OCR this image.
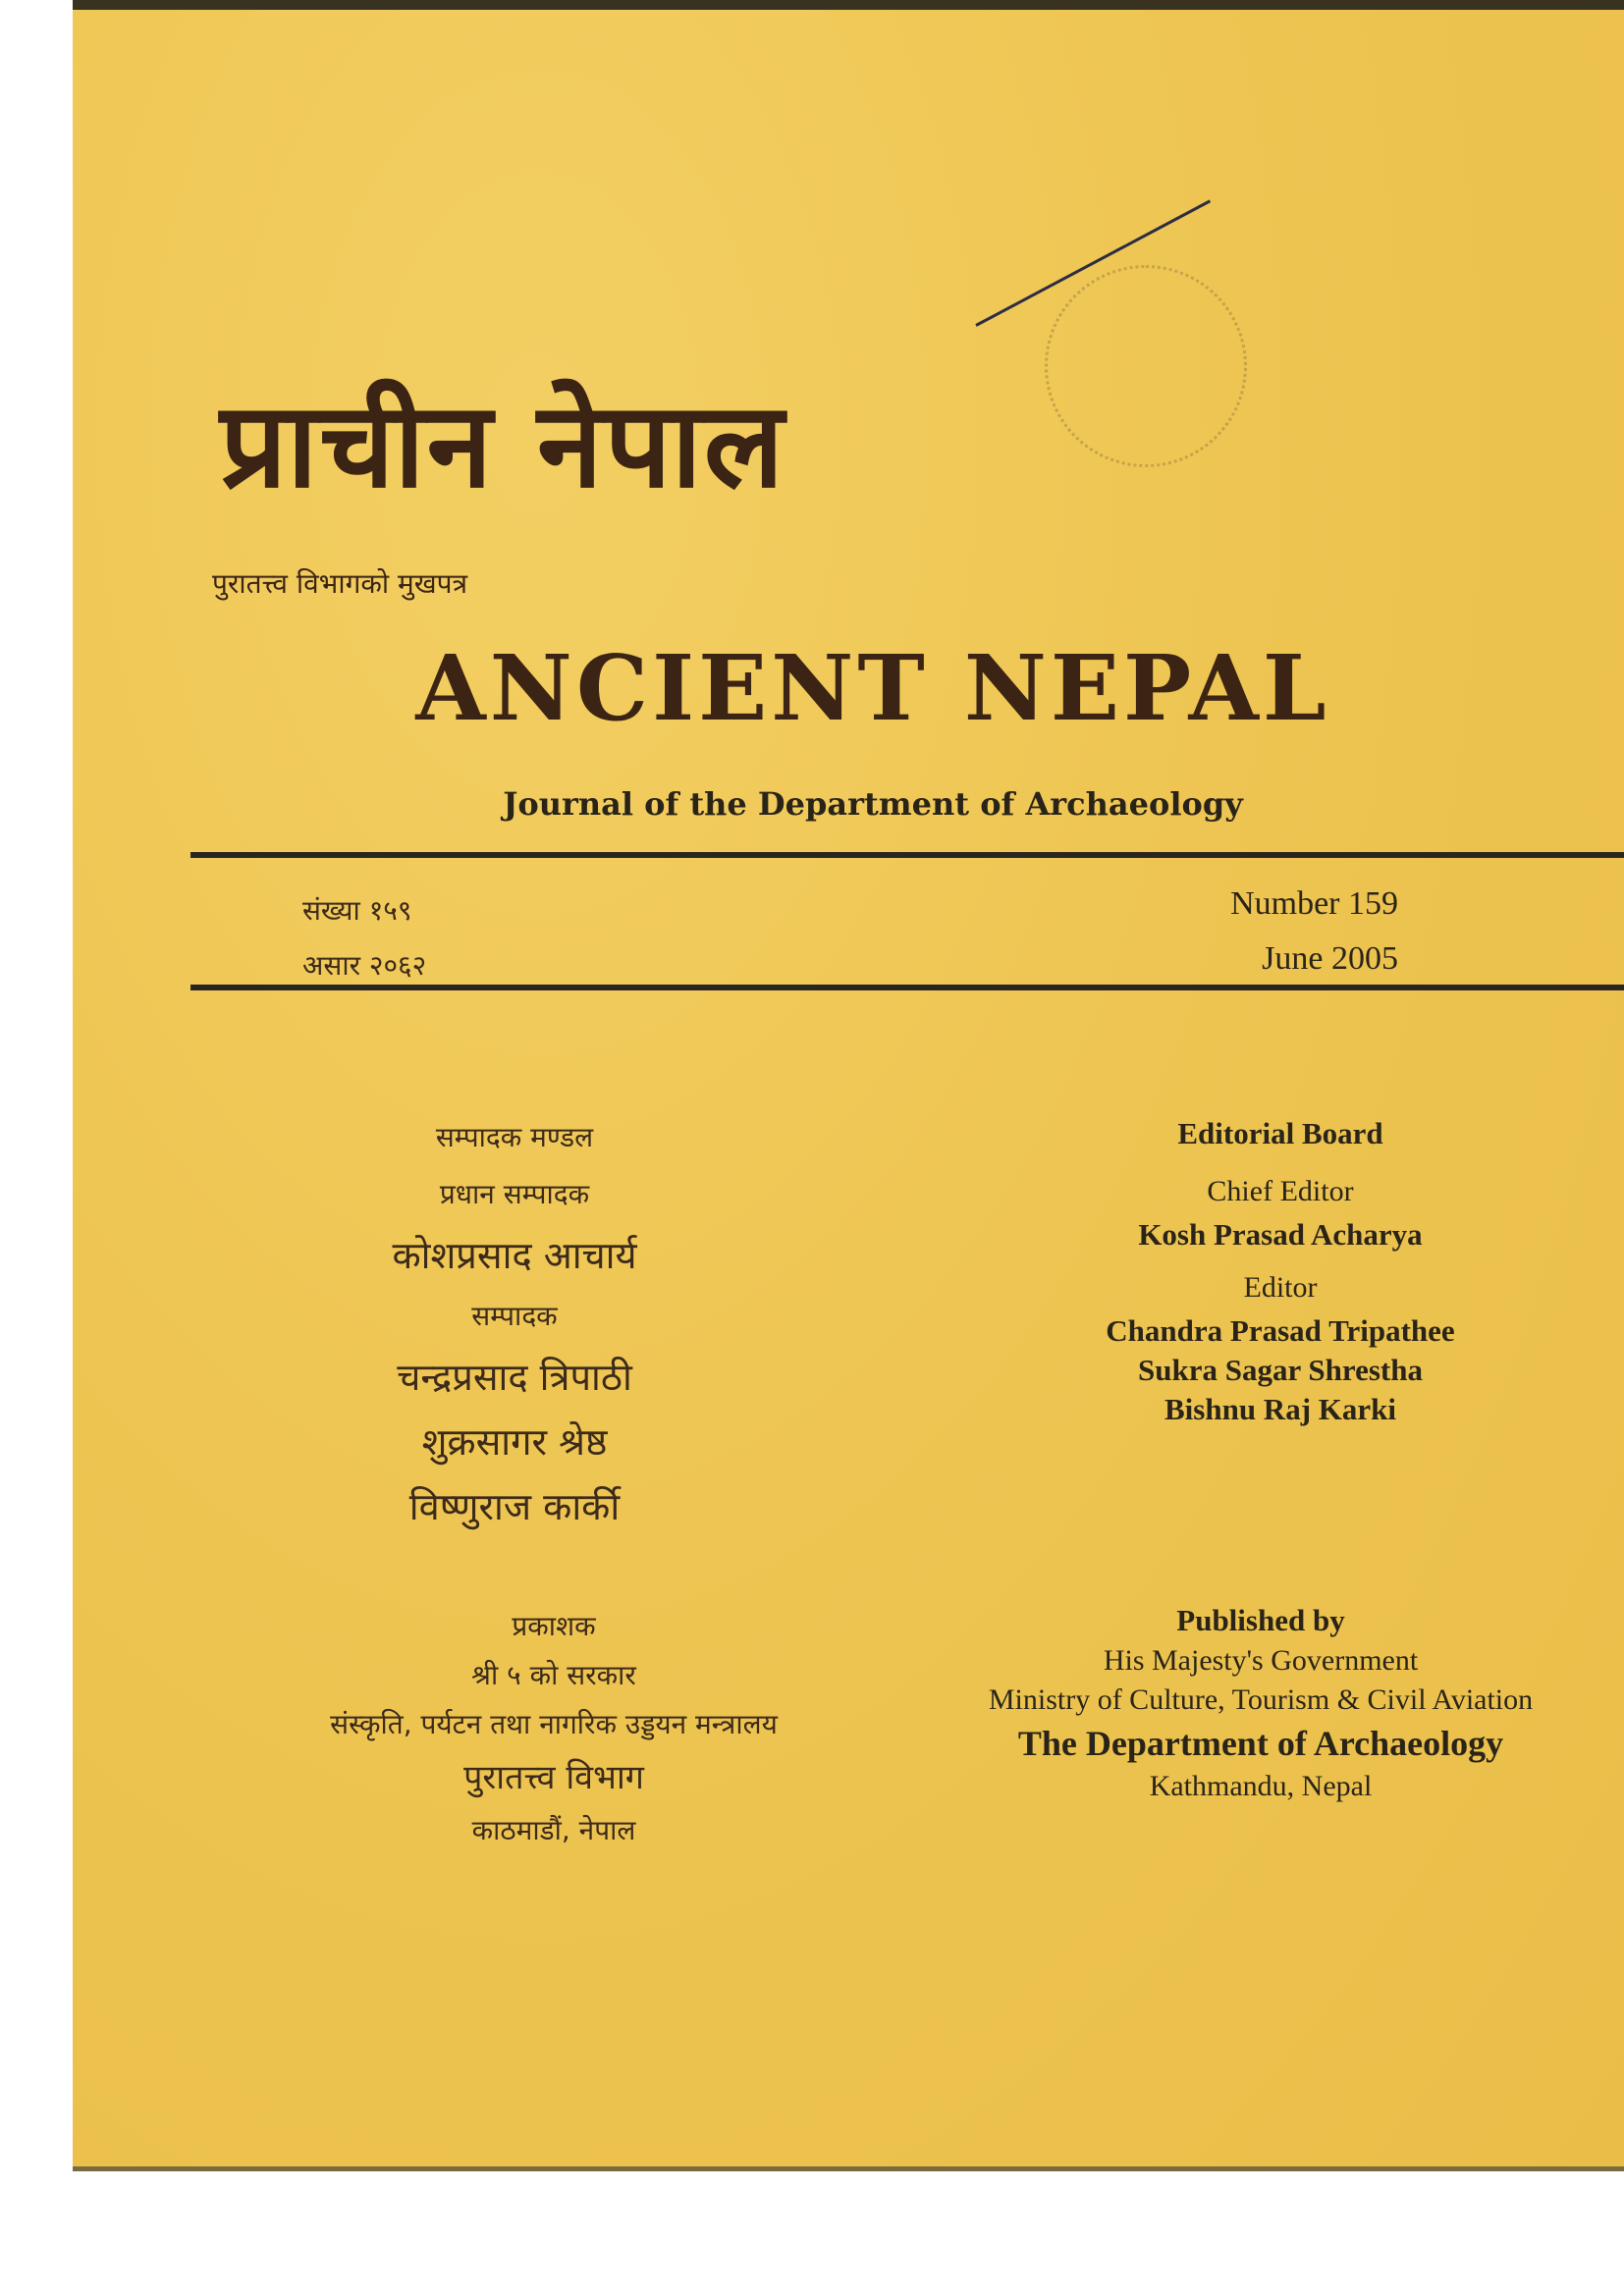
प्राचीन नेपाल
पुरातत्त्व विभागको मुखपत्र
ANCIENT NEPAL
Journal of the Department of Archaeology
संख्या १५९
असार २०६२
Number 159
June 2005
सम्पादक मण्डल
प्रधान सम्पादक
कोशप्रसाद आचार्य
सम्पादक
चन्द्रप्रसाद त्रिपाठी
शुक्रसागर श्रेष्ठ
विष्णुराज कार्की
Editorial Board
Chief Editor
Kosh Prasad Acharya
Editor
Chandra Prasad Tripathee
Sukra Sagar Shrestha
Bishnu Raj Karki
प्रकाशक
श्री ५ को सरकार
संस्कृति, पर्यटन तथा नागरिक उड्डयन मन्त्रालय
पुरातत्त्व विभाग
काठमाडौं, नेपाल
Published by
His Majesty's Government
Ministry of Culture, Tourism & Civil Aviation
The Department of Archaeology
Kathmandu, Nepal
